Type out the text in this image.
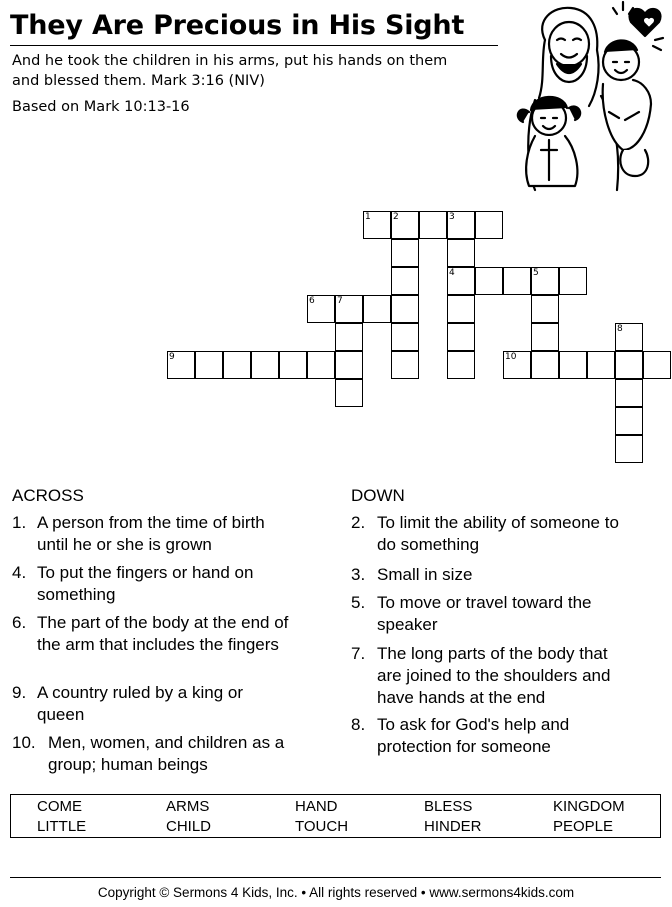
They Are Precious in His Sight
And he took the children in his arms, put his hands on them
and blessed them. Mark 3:16 (NIV)
Based on Mark 10:13-16
1 2	3
4	5
6 7
8
9	10
ACROSS
1. A person from the time of birth
until he or she is grown
4. To put the fingers or hand on
something
6. The part of the body at the end of
the arm that includes the fingers
9. A country ruled by a king or
queen
10. Men, women, and children as a
group; human beings
DOWN
2. To limit the ability of someone to
do something
3. Small in size
5. To move or travel toward the
speaker
7. The long parts of the body that
are joined to the shoulders and
have hands at the end
8. To ask for God's help and
protection for someone
COME	ARMS	HAND	BLESS	KINGDOM
LITTLE	CHILD	TOUCH	HINDER	PEOPLE
Copyright © Sermons 4 Kids, Inc. • All rights reserved • www.sermons4kids.com
